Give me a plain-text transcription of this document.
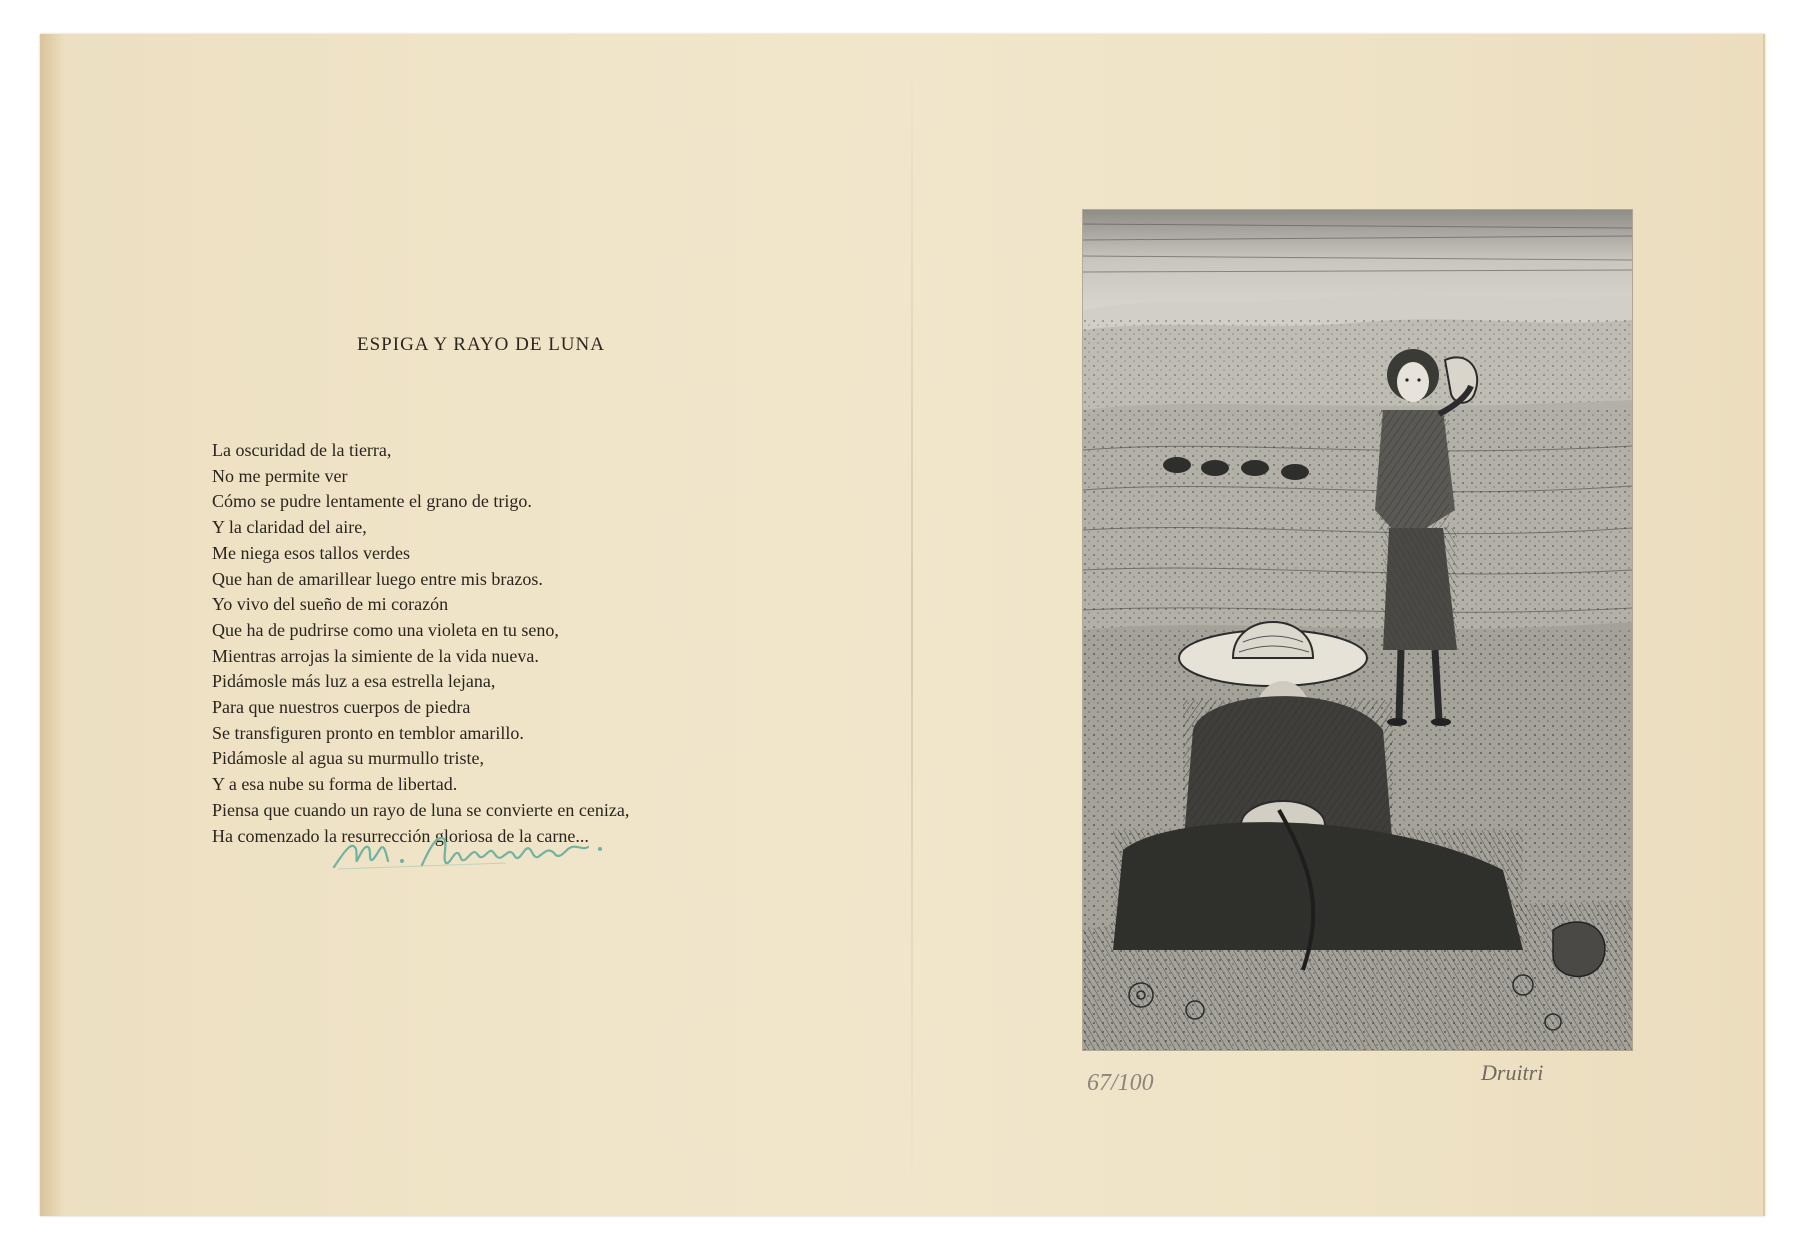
ESPIGA Y RAYO DE LUNA
La oscuridad de la tierra,
No me permite ver
Cómo se pudre lentamente el grano de trigo.
Y la claridad del aire,
Me niega esos tallos verdes
Que han de amarillear luego entre mis brazos.
Yo vivo del sueño de mi corazón
Que ha de pudrirse como una violeta en tu seno,
Mientras arrojas la simiente de la vida nueva.
Pidámosle más luz a esa estrella lejana,
Para que nuestros cuerpos de piedra
Se transfiguren pronto en temblor amarillo.
Pidámosle al agua su murmullo triste,
Y a esa nube su forma de libertad.
Piensa que cuando un rayo de luna se convierte en ceniza,
Ha comenzado la resurrección gloriosa de la carne...
67/100	Druitri
